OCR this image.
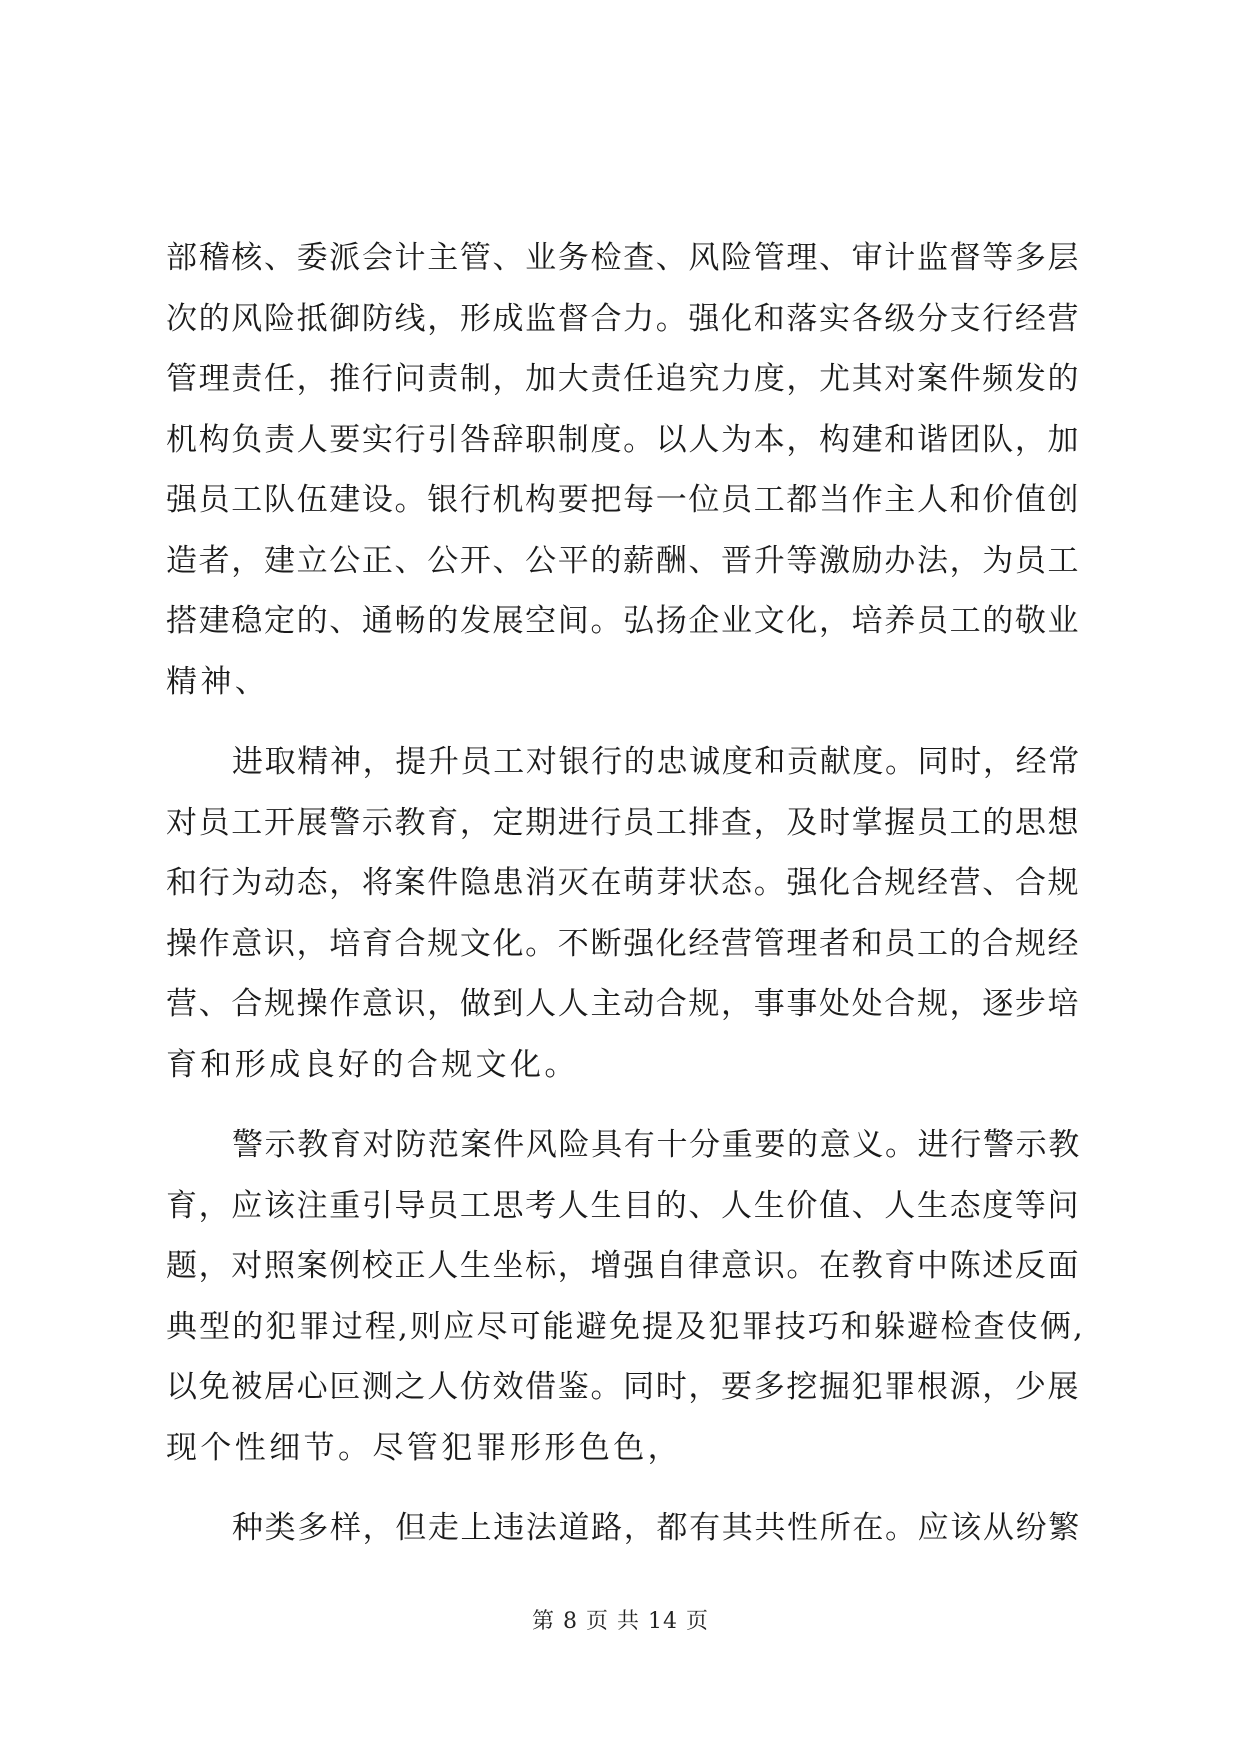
部稽核、委派会计主管、业务检查、风险管理、审计监督等多层
次的风险抵御防线，形成监督合力。强化和落实各级分支行经营
管理责任，推行问责制，加大责任追究力度，尤其对案件频发的
机构负责人要实行引咎辞职制度。以人为本，构建和谐团队，加
强员工队伍建设。银行机构要把每一位员工都当作主人和价值创
造者，建立公正、公开、公平的薪酬、晋升等激励办法，为员工
搭建稳定的、通畅的发展空间。弘扬企业文化，培养员工的敬业
精神、
进取精神，提升员工对银行的忠诚度和贡献度。同时，经常
对员工开展警示教育，定期进行员工排查，及时掌握员工的思想
和行为动态，将案件隐患消灭在萌芽状态。强化合规经营、合规
操作意识，培育合规文化。不断强化经营管理者和员工的合规经
营、合规操作意识，做到人人主动合规，事事处处合规，逐步培
育和形成良好的合规文化。
警示教育对防范案件风险具有十分重要的意义。进行警示教
育，应该注重引导员工思考人生目的、人生价值、人生态度等问
题，对照案例校正人生坐标，增强自律意识。在教育中陈述反面
典型的犯罪过程,则应尽可能避免提及犯罪技巧和躲避检查伎俩,
以免被居心叵测之人仿效借鉴。同时，要多挖掘犯罪根源，少展
现个性细节。尽管犯罪形形色色，
种类多样，但走上违法道路，都有其共性所在。应该从纷繁
第 8 页 共 14 页
